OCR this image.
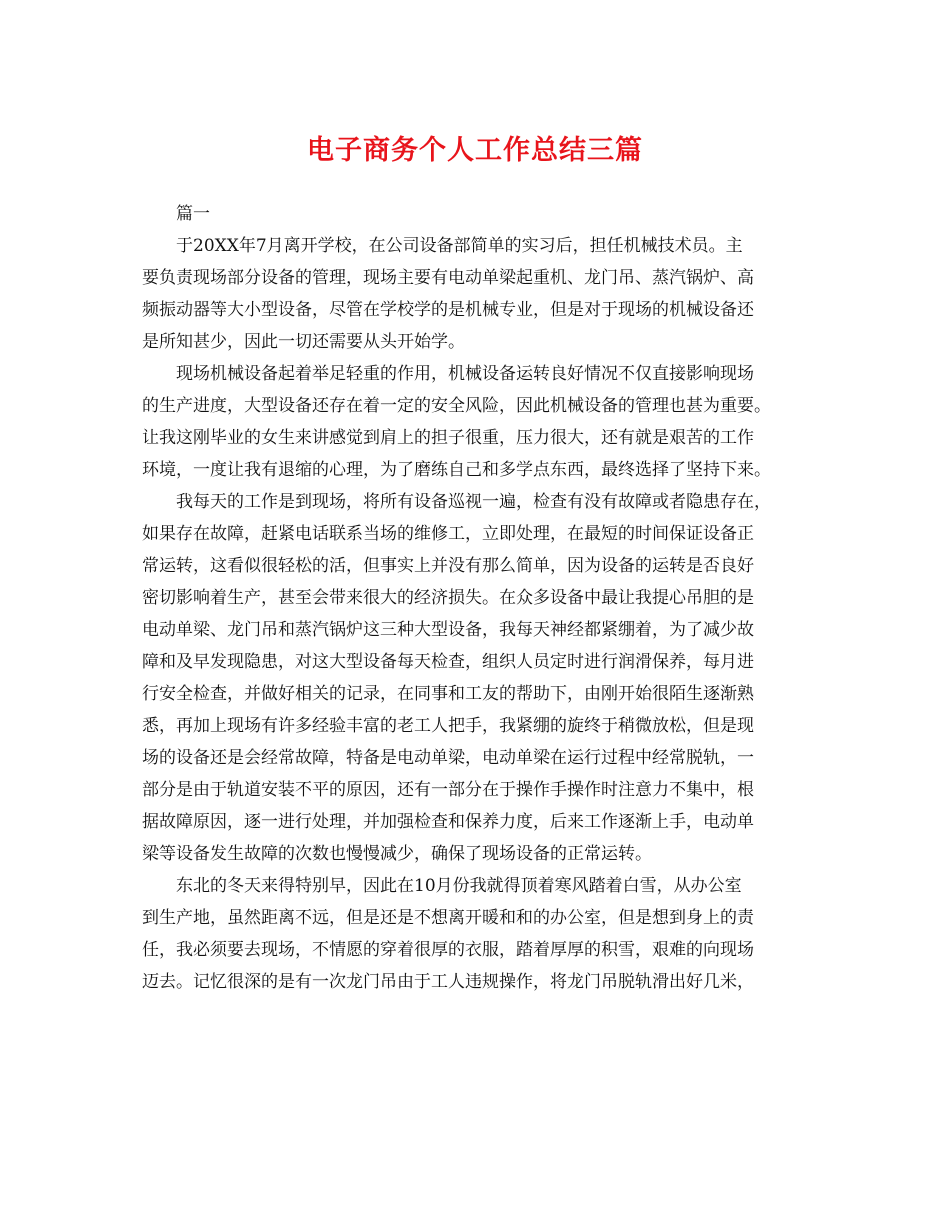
电子商务个人工作总结三篇
篇一
于20XX年7月离开学校，在公司设备部简单的实习后，担任机械技术员。主
要负责现场部分设备的管理，现场主要有电动单梁起重机、龙门吊、蒸汽锅炉、高
频振动器等大小型设备，尽管在学校学的是机械专业，但是对于现场的机械设备还
是所知甚少，因此一切还需要从头开始学。
现场机械设备起着举足轻重的作用，机械设备运转良好情况不仅直接影响现场
的生产进度，大型设备还存在着一定的安全风险，因此机械设备的管理也甚为重要。
让我这刚毕业的女生来讲感觉到肩上的担子很重，压力很大，还有就是艰苦的工作
环境，一度让我有退缩的心理，为了磨练自己和多学点东西，最终选择了坚持下来。
我每天的工作是到现场，将所有设备巡视一遍，检查有没有故障或者隐患存在，
如果存在故障，赶紧电话联系当场的维修工，立即处理，在最短的时间保证设备正
常运转，这看似很轻松的活，但事实上并没有那么简单，因为设备的运转是否良好
密切影响着生产，甚至会带来很大的经济损失。在众多设备中最让我提心吊胆的是
电动单梁、龙门吊和蒸汽锅炉这三种大型设备，我每天神经都紧绷着，为了减少故
障和及早发现隐患，对这大型设备每天检查，组织人员定时进行润滑保养，每月进
行安全检查，并做好相关的记录，在同事和工友的帮助下，由刚开始很陌生逐渐熟
悉，再加上现场有许多经验丰富的老工人把手，我紧绷的旋终于稍微放松，但是现
场的设备还是会经常故障，特备是电动单梁，电动单梁在运行过程中经常脱轨，一
部分是由于轨道安装不平的原因，还有一部分在于操作手操作时注意力不集中，根
据故障原因，逐一进行处理，并加强检查和保养力度，后来工作逐渐上手，电动单
梁等设备发生故障的次数也慢慢减少，确保了现场设备的正常运转。
东北的冬天来得特别早，因此在10月份我就得顶着寒风踏着白雪，从办公室
到生产地，虽然距离不远，但是还是不想离开暖和和的办公室，但是想到身上的责
任，我必须要去现场，不情愿的穿着很厚的衣服，踏着厚厚的积雪，艰难的向现场
迈去。记忆很深的是有一次龙门吊由于工人违规操作，将龙门吊脱轨滑出好几米，
